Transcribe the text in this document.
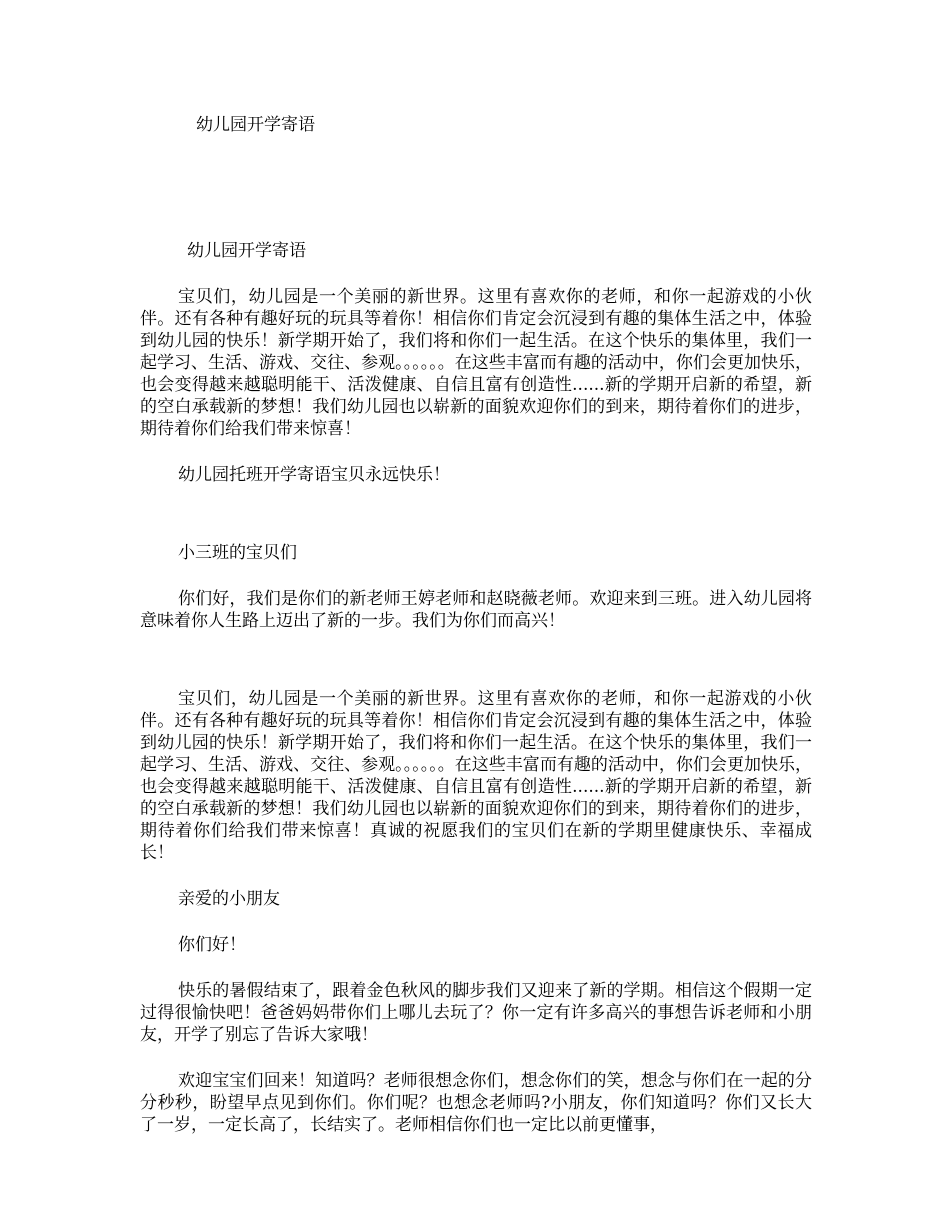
幼儿园开学寄语

幼儿园开学寄语

宝贝们，幼儿园是一个美丽的新世界。这里有喜欢你的老师，和你一起游戏的小伙伴。还有各种有趣好玩的玩具等着你！相信你们肯定会沉浸到有趣的集体生活之中，体验到幼儿园的快乐！新学期开始了，我们将和你们一起生活。在这个快乐的集体里，我们一起学习、生活、游戏、交往、参观。。。。。。在这些丰富而有趣的活动中，你们会更加快乐，也会变得越来越聪明能干、活泼健康、自信且富有创造性......新的学期开启新的希望，新的空白承载新的梦想！我们幼儿园也以崭新的面貌欢迎你们的到来，期待着你们的进步，期待着你们给我们带来惊喜！

幼儿园托班开学寄语宝贝永远快乐！

小三班的宝贝们

你们好，我们是你们的新老师王婷老师和赵晓薇老师。欢迎来到三班。进入幼儿园将意味着你人生路上迈出了新的一步。我们为你们而高兴！

宝贝们，幼儿园是一个美丽的新世界。这里有喜欢你的老师，和你一起游戏的小伙伴。还有各种有趣好玩的玩具等着你！相信你们肯定会沉浸到有趣的集体生活之中，体验到幼儿园的快乐！新学期开始了，我们将和你们一起生活。在这个快乐的集体里，我们一起学习、生活、游戏、交往、参观。。。。。。在这些丰富而有趣的活动中，你们会更加快乐，也会变得越来越聪明能干、活泼健康、自信且富有创造性......新的学期开启新的希望，新的空白承载新的梦想！我们幼儿园也以崭新的面貌欢迎你们的到来，期待着你们的进步，期待着你们给我们带来惊喜！真诚的祝愿我们的宝贝们在新的学期里健康快乐、幸福成长！

亲爱的小朋友

你们好！

快乐的暑假结束了，跟着金色秋风的脚步我们又迎来了新的学期。相信这个假期一定过得很愉快吧！爸爸妈妈带你们上哪儿去玩了？你一定有许多高兴的事想告诉老师和小朋友，开学了别忘了告诉大家哦！

欢迎宝宝们回来！知道吗？老师很想念你们，想念你们的笑，想念与你们在一起的分分秒秒，盼望早点见到你们。你们呢？也想念老师吗?小朋友，你们知道吗？你们又长大了一岁，一定长高了，长结实了。老师相信你们也一定比以前更懂事，
